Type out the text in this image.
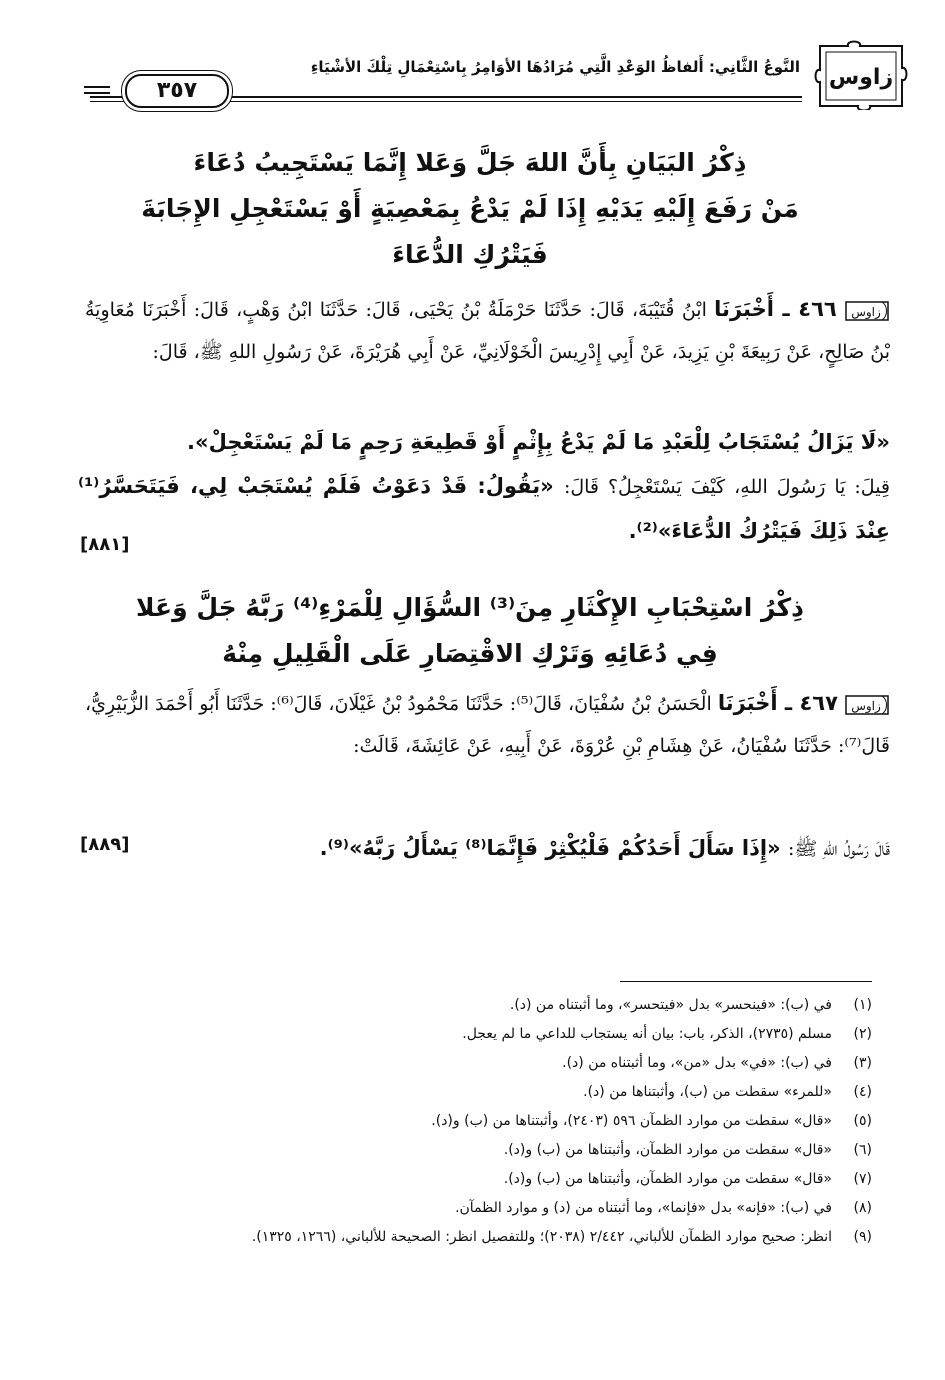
النَّوعُ الثَّانِي: أَلفاظُ الوَعْدِ الَّتِي مُرَادُهَا الأوَامِرُ بِاسْتِعْمَالِ تِلْكَ الأشْيَاءِ
٣٥٧
زاوس
ذِكْرُ البَيَانِ بِأَنَّ اللهَ جَلَّ وَعَلا إِنَّمَا يَسْتَجِيبُ دُعَاءَ
مَنْ رَفَعَ إِلَيْهِ يَدَيْهِ إِذَا لَمْ يَدْعُ بِمَعْصِيَةٍ أَوْ يَسْتَعْجِلِ الإِجَابَةَ
فَيَتْرُكِ الدُّعَاءَ
زاوس
٤٦٦ ـ أَخْبَرَنَا ابْنُ قُتَيْبَةَ، قَالَ: حَدَّثَنَا حَرْمَلَةُ بْنُ يَحْيَى، قَالَ: حَدَّثَنَا ابْنُ وَهْبٍ، قَالَ: أَخْبَرَنَا مُعَاوِيَةُ بْنُ صَالِحٍ، عَنْ رَبِيعَةَ بْنِ يَزِيدَ، عَنْ أَبِي إِدْرِيسَ الْخَوْلَانِيِّ، عَنْ أَبِي هُرَيْرَةَ، عَنْ رَسُولِ اللهِ ﷺ، قَالَ:
«لَا يَزَالُ يُسْتَجَابُ لِلْعَبْدِ مَا لَمْ يَدْعُ بِإِثْمٍ أَوْ قَطِيعَةِ رَحِمٍ مَا لَمْ يَسْتَعْجِلْ».
قِيلَ: يَا رَسُولَ اللهِ، كَيْفَ يَسْتَعْجِلُ؟ قَالَ: «يَقُولُ: قَدْ دَعَوْتُ فَلَمْ يُسْتَجَبْ لِي، فَيَتَحَسَّرُ⁽¹⁾ عِنْدَ ذَلِكَ فَيَتْرُكُ الدُّعَاءَ»⁽²⁾.
[٨٨١]
ذِكْرُ اسْتِحْبَابِ الإِكْثَارِ مِنَ⁽³⁾ السُّؤَالِ لِلْمَرْءِ⁽⁴⁾ رَبَّهُ جَلَّ وَعَلا
فِي دُعَائِهِ وَتَرْكِ الاقْتِصَارِ عَلَى الْقَلِيلِ مِنْهُ
زاوس
٤٦٧ ـ أَخْبَرَنَا الْحَسَنُ بْنُ سُفْيَانَ، قَالَ⁽⁵⁾: حَدَّثَنَا مَحْمُودُ بْنُ غَيْلَانَ، قَالَ⁽⁶⁾: حَدَّثَنَا أَبُو أَحْمَدَ الزُّبَيْرِيُّ، قَالَ⁽⁷⁾: حَدَّثَنَا سُفْيَانُ، عَنْ هِشَامِ بْنِ عُرْوَةَ، عَنْ أَبِيهِ، عَنْ عَائِشَةَ، قَالَتْ:
قَالَ رَسُولُ اللهِ ﷺ: «إِذَا سَأَلَ أَحَدُكُمْ فَلْيُكْثِرْ فَإِنَّمَا⁽⁸⁾ يَسْأَلُ رَبَّهُ»⁽⁹⁾.
[٨٨٩]
(١)
في (ب): «فينحسر» بدل «فيتحسر»، وما أثبتناه من (د).
(٢)
مسلم (٢٧٣٥)، الذكر، باب: بيان أنه يستجاب للداعي ما لم يعجل.
(٣)
في (ب): «في» بدل «من»، وما أثبتناه من (د).
(٤)
«للمرء» سقطت من (ب)، وأثبتناها من (د).
(٥)
«قال» سقطت من موارد الظمآن ٥٩٦ (٢٤٠٣)، وأثبتناها من (ب) و(د).
(٦)
«قال» سقطت من موارد الظمآن، وأثبتناها من (ب) و(د).
(٧)
«قال» سقطت من موارد الظمآن، وأثبتناها من (ب) و(د).
(٨)
في (ب): «فإنه» بدل «فإنما»، وما أثبتناه من (د) و موارد الظمآن.
(٩)
انظر: صحيح موارد الظمآن للألباني، ٢/٤٤٢ (٢٠٣٨)؛ وللتفصيل انظر: الصحيحة للألباني، (١٢٦٦، ١٣٢٥).
